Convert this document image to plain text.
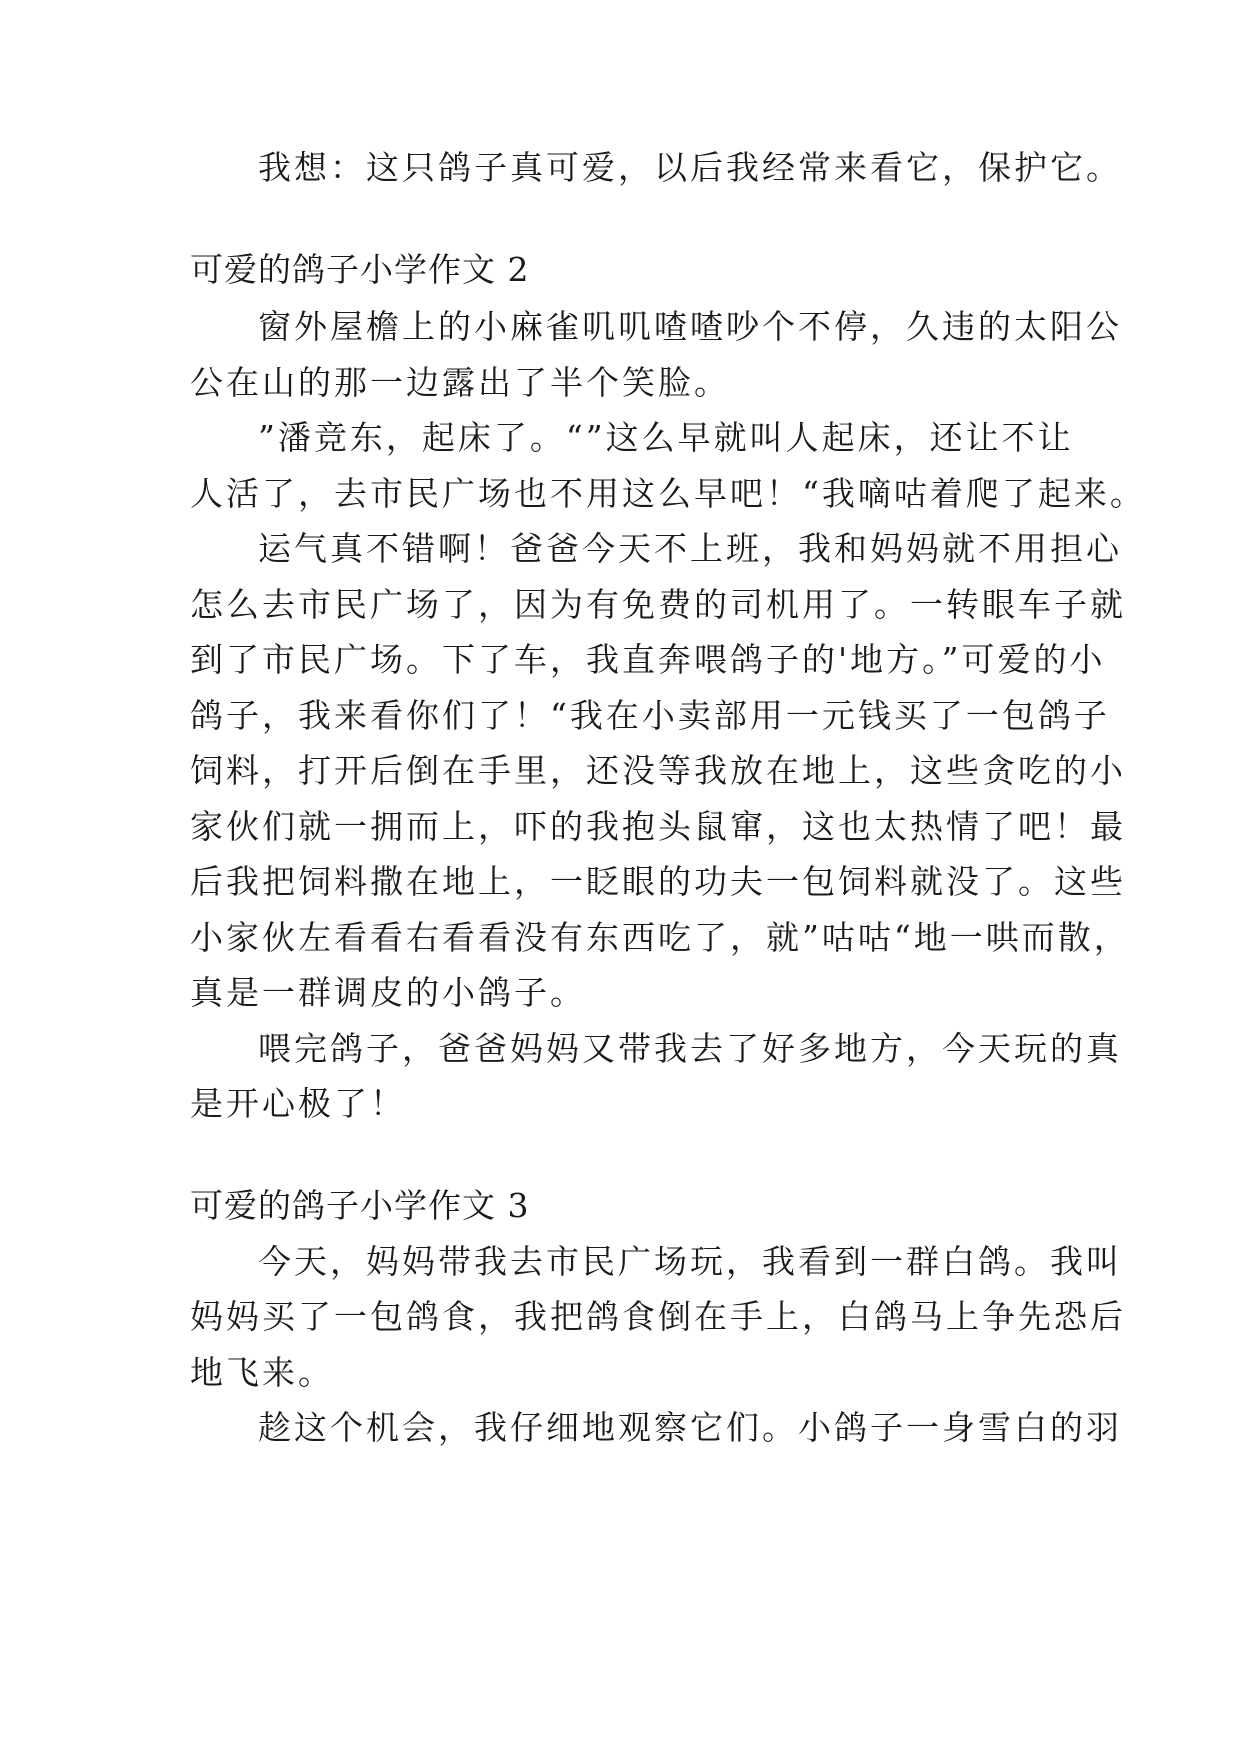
我想：这只鸽子真可爱，以后我经常来看它，保护它。
可爱的鸽子小学作文 2
窗外屋檐上的小麻雀叽叽喳喳吵个不停，久违的太阳公
公在山的那一边露出了半个笑脸。
”潘竞东，起床了。“”这么早就叫人起床，还让不让
人活了，去市民广场也不用这么早吧！“我嘀咕着爬了起来。
运气真不错啊！爸爸今天不上班，我和妈妈就不用担心
怎么去市民广场了，因为有免费的司机用了。一转眼车子就
到了市民广场。下了车，我直奔喂鸽子的'地方。”可爱的小
鸽子，我来看你们了！“我在小卖部用一元钱买了一包鸽子
饲料，打开后倒在手里，还没等我放在地上，这些贪吃的小
家伙们就一拥而上，吓的我抱头鼠窜，这也太热情了吧！最
后我把饲料撒在地上，一眨眼的功夫一包饲料就没了。这些
小家伙左看看右看看没有东西吃了，就”咕咕“地一哄而散，
真是一群调皮的小鸽子。
喂完鸽子，爸爸妈妈又带我去了好多地方，今天玩的真
是开心极了！
可爱的鸽子小学作文 3
今天，妈妈带我去市民广场玩，我看到一群白鸽。我叫
妈妈买了一包鸽食，我把鸽食倒在手上，白鸽马上争先恐后
地飞来。
趁这个机会，我仔细地观察它们。小鸽子一身雪白的羽
